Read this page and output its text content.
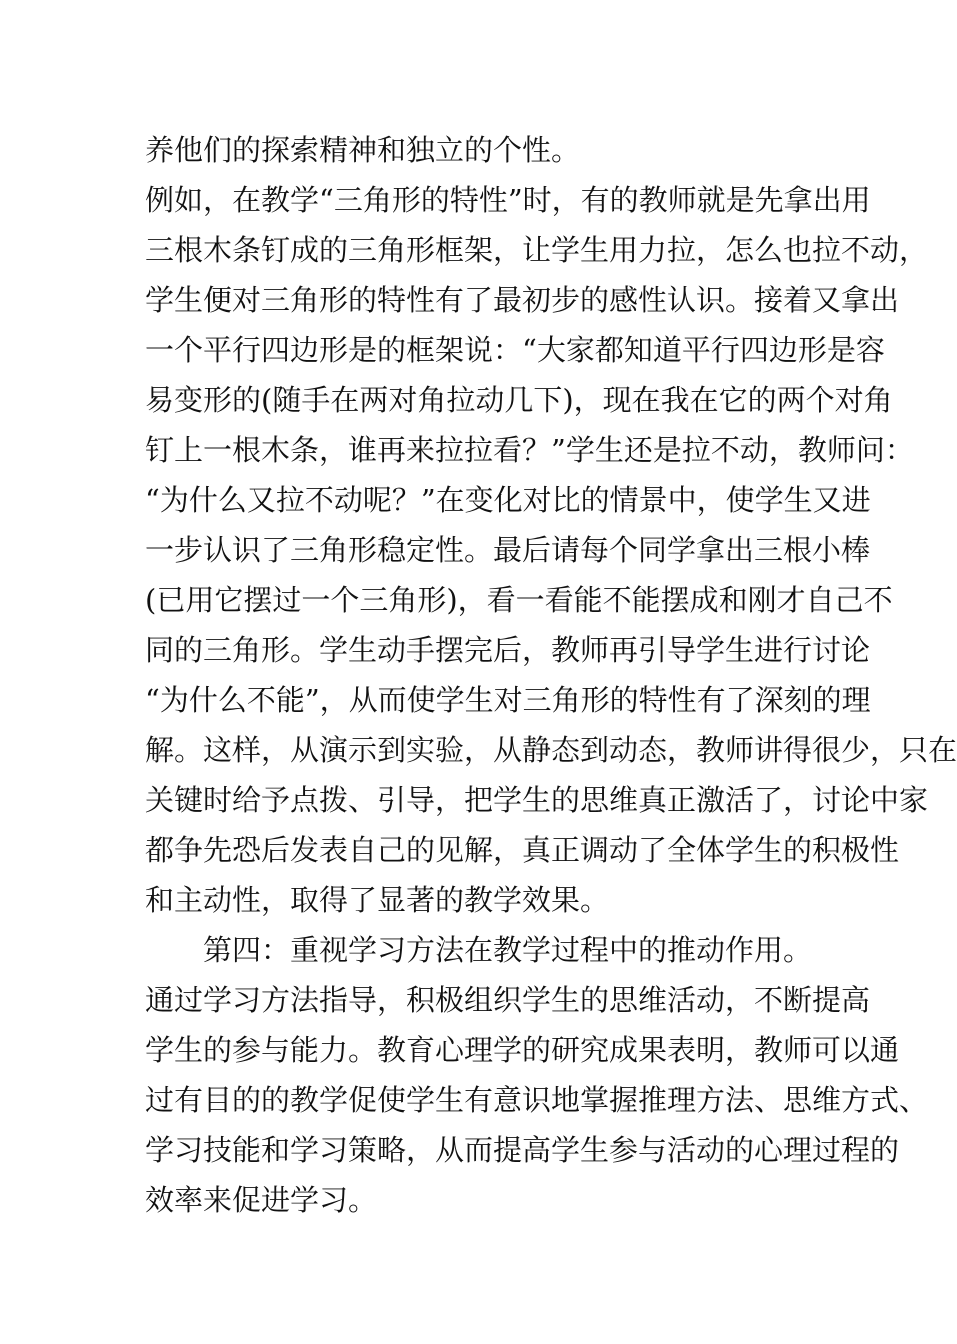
养他们的探索精神和独立的个性。
例如，在教学“三角形的特性”时，有的教师就是先拿出用
三根木条钉成的三角形框架，让学生用力拉，怎么也拉不动，
学生便对三角形的特性有了最初步的感性认识。接着又拿出
一个平行四边形是的框架说：“大家都知道平行四边形是容
易变形的(随手在两对角拉动几下)，现在我在它的两个对角
钉上一根木条，谁再来拉拉看？”学生还是拉不动，教师问：
“为什么又拉不动呢？”在变化对比的情景中，使学生又进
一步认识了三角形稳定性。最后请每个同学拿出三根小棒
(已用它摆过一个三角形)，看一看能不能摆成和刚才自己不
同的三角形。学生动手摆完后，教师再引导学生进行讨论
“为什么不能”，从而使学生对三角形的特性有了深刻的理
解。这样，从演示到实验，从静态到动态，教师讲得很少，只在
关键时给予点拨、引导，把学生的思维真正激活了，讨论中家
都争先恐后发表自己的见解，真正调动了全体学生的积极性
和主动性，取得了显著的教学效果。
　　第四：重视学习方法在教学过程中的推动作用。
通过学习方法指导，积极组织学生的思维活动，不断提高
学生的参与能力。教育心理学的研究成果表明，教师可以通
过有目的的教学促使学生有意识地掌握推理方法、思维方式、
学习技能和学习策略，从而提高学生参与活动的心理过程的
效率来促进学习。
